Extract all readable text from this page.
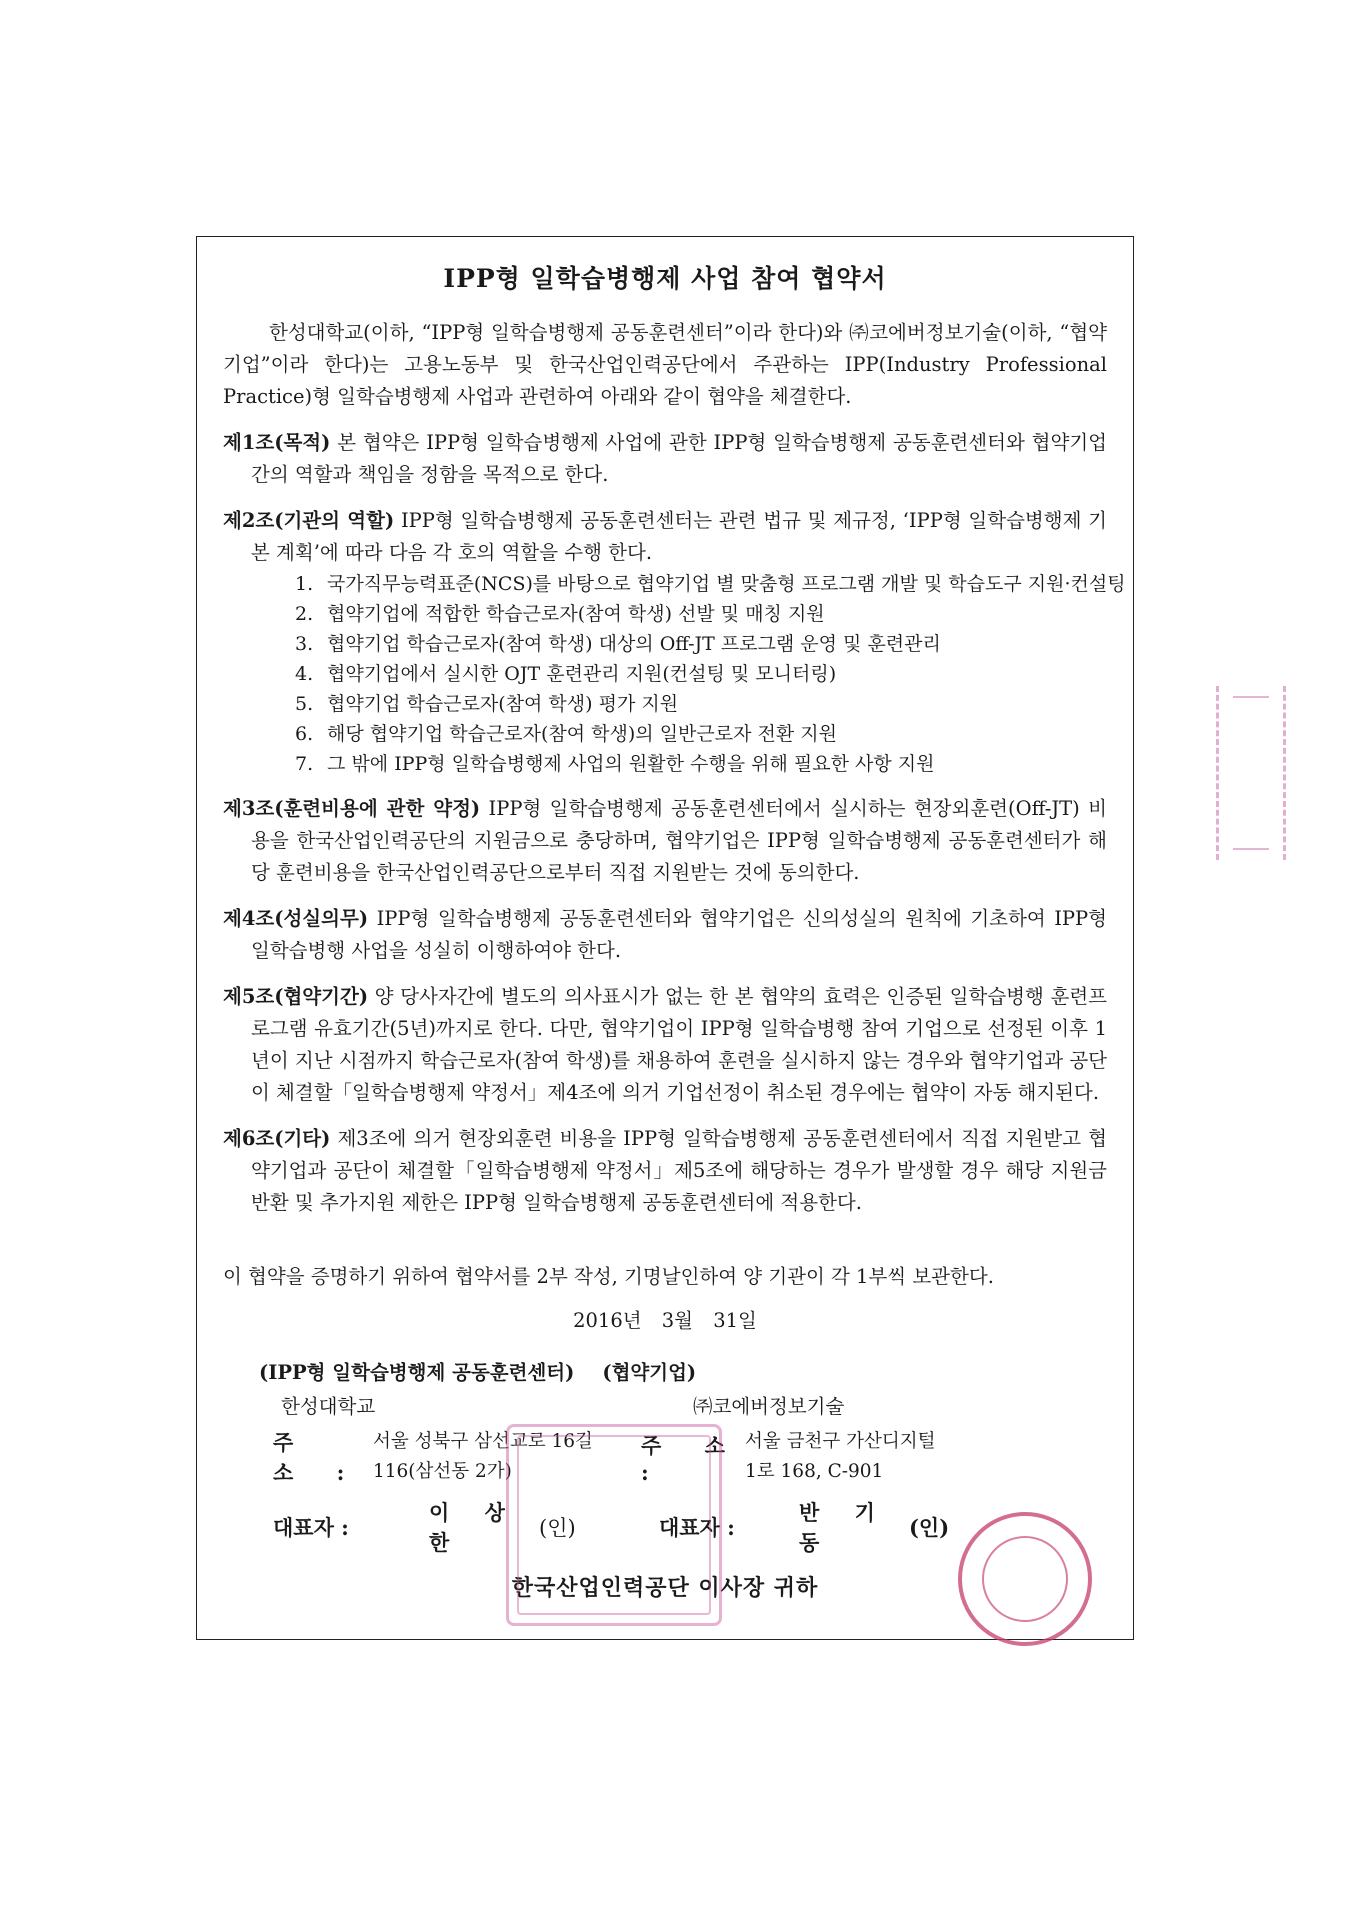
IPP형 일학습병행제 사업 참여 협약서
한성대학교(이하, “IPP형 일학습병행제 공동훈련센터”이라 한다)와 ㈜코에버정보기술(이하, “협약기업”이라 한다)는 고용노동부 및 한국산업인력공단에서 주관하는 IPP(Industry Professional Practice)형 일학습병행제 사업과 관련하여 아래와 같이 협약을 체결한다.
제1조(목적) 본 협약은 IPP형 일학습병행제 사업에 관한 IPP형 일학습병행제 공동훈련센터와 협약기업간의 역할과 책임을 정함을 목적으로 한다.
제2조(기관의 역할) IPP형 일학습병행제 공동훈련센터는 관련 법규 및 제규정, ‘IPP형 일학습병행제 기본 계획’에 따라 다음 각 호의 역할을 수행 한다.
1. 국가직무능력표준(NCS)를 바탕으로 협약기업 별 맞춤형 프로그램 개발 및 학습도구 지원·컨설팅
2. 협약기업에 적합한 학습근로자(참여 학생) 선발 및 매칭 지원
3. 협약기업 학습근로자(참여 학생) 대상의 Off-JT 프로그램 운영 및 훈련관리
4. 협약기업에서 실시한 OJT 훈련관리 지원(컨설팅 및 모니터링)
5. 협약기업 학습근로자(참여 학생) 평가 지원
6. 해당 협약기업 학습근로자(참여 학생)의 일반근로자 전환 지원
7. 그 밖에 IPP형 일학습병행제 사업의 원활한 수행을 위해 필요한 사항 지원
제3조(훈련비용에 관한 약정) IPP형 일학습병행제 공동훈련센터에서 실시하는 현장외훈련(Off-JT) 비용을 한국산업인력공단의 지원금으로 충당하며, 협약기업은 IPP형 일학습병행제 공동훈련센터가 해당 훈련비용을 한국산업인력공단으로부터 직접 지원받는 것에 동의한다.
제4조(성실의무) IPP형 일학습병행제 공동훈련센터와 협약기업은 신의성실의 원칙에 기초하여 IPP형 일학습병행 사업을 성실히 이행하여야 한다.
제5조(협약기간) 양 당사자간에 별도의 의사표시가 없는 한 본 협약의 효력은 인증된 일학습병행 훈련프로그램 유효기간(5년)까지로 한다. 다만, 협약기업이 IPP형 일학습병행 참여 기업으로 선정된 이후 1년이 지난 시점까지 학습근로자(참여 학생)를 채용하여 훈련을 실시하지 않는 경우와 협약기업과 공단이 체결할「일학습병행제 약정서」제4조에 의거 기업선정이 취소된 경우에는 협약이 자동 해지된다.
제6조(기타) 제3조에 의거 현장외훈련 비용을 IPP형 일학습병행제 공동훈련센터에서 직접 지원받고 협약기업과 공단이 체결할「일학습병행제 약정서」제5조에 해당하는 경우가 발생할 경우 해당 지원금 반환 및 추가지원 제한은 IPP형 일학습병행제 공동훈련센터에 적용한다.
이 협약을 증명하기 위하여 협약서를 2부 작성, 기명날인하여 양 기관이 각 1부씩 보관한다.
2016년 3월 31일
(IPP형 일학습병행제 공동훈련센터) (협약기업)
한성대학교	㈜코에버정보기술
주 소 :
서울 성북구 삼선교로 16길
116(삼선동 2가)
주 소 :
서울 금천구 가산디지털
1로 168, C-901
대표자 :
이 상 한
(인)	대표자 :
반 기 동
(인)
한국산업인력공단 이사장 귀하
